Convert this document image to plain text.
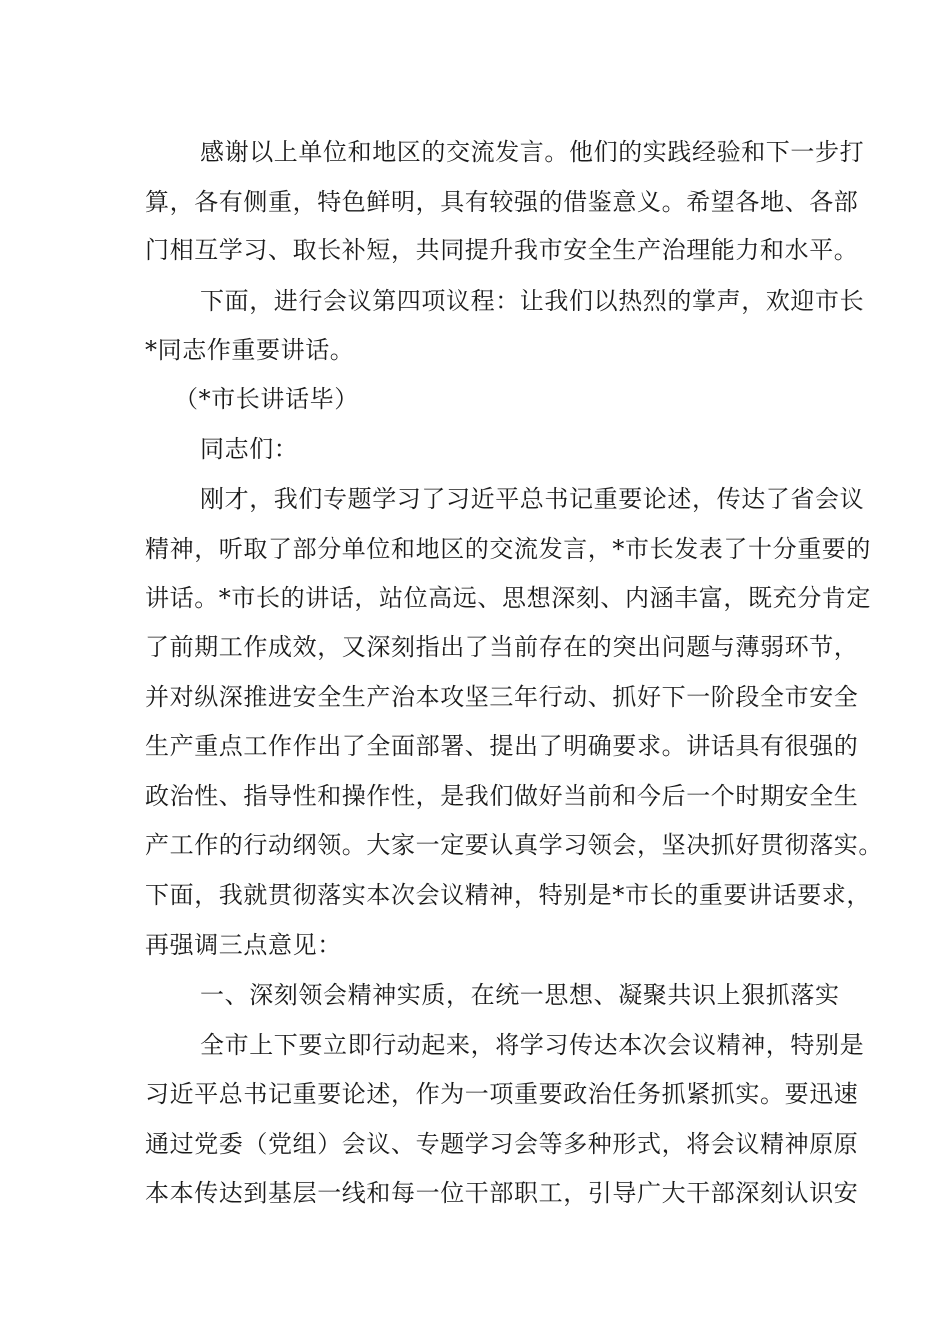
感谢以上单位和地区的交流发言。他们的实践经验和下一步打
算，各有侧重，特色鲜明，具有较强的借鉴意义。希望各地、各部
门相互学习、取长补短，共同提升我市安全生产治理能力和水平。
下面，进行会议第四项议程：让我们以热烈的掌声，欢迎市长
*同志作重要讲话。
（*市长讲话毕）
同志们：
刚才，我们专题学习了习近平总书记重要论述，传达了省会议
精神，听取了部分单位和地区的交流发言，*市长发表了十分重要的
讲话。*市长的讲话，站位高远、思想深刻、内涵丰富，既充分肯定
了前期工作成效，又深刻指出了当前存在的突出问题与薄弱环节，
并对纵深推进安全生产治本攻坚三年行动、抓好下一阶段全市安全
生产重点工作作出了全面部署、提出了明确要求。讲话具有很强的
政治性、指导性和操作性，是我们做好当前和今后一个时期安全生
产工作的行动纲领。大家一定要认真学习领会，坚决抓好贯彻落实。
下面，我就贯彻落实本次会议精神，特别是*市长的重要讲话要求，
再强调三点意见：
一、深刻领会精神实质，在统一思想、凝聚共识上狠抓落实
全市上下要立即行动起来，将学习传达本次会议精神，特别是
习近平总书记重要论述，作为一项重要政治任务抓紧抓实。要迅速
通过党委（党组）会议、专题学习会等多种形式，将会议精神原原
本本传达到基层一线和每一位干部职工，引导广大干部深刻认识安
